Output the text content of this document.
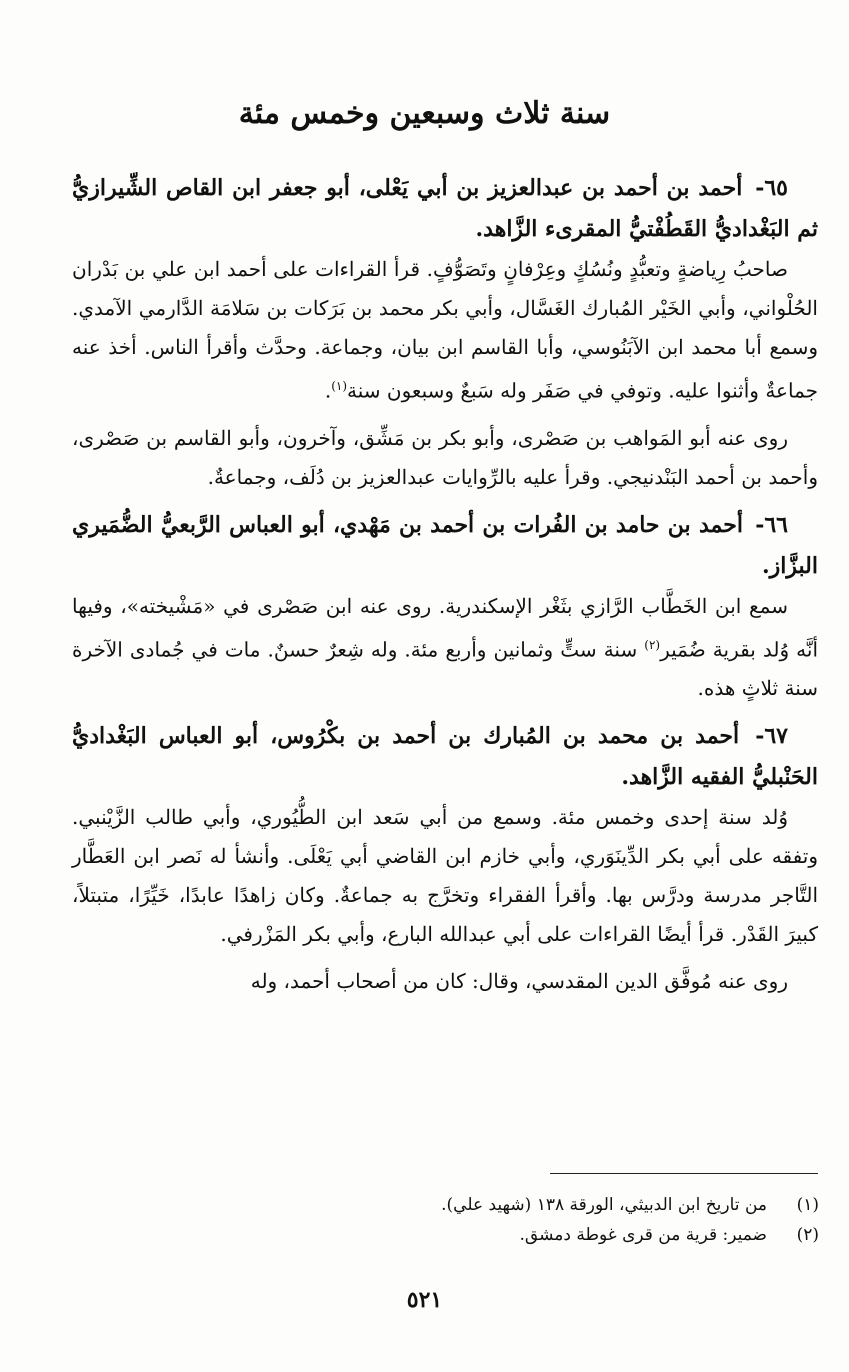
سنة ثلاث وسبعين وخمس مئة

٦٥- أحمد بن أحمد بن عبدالعزيز بن أبي يَعْلى، أبو جعفر ابن القاص الشِّيرازيُّ ثم البَغْداديُّ القَطُفْتيُّ المقرىء الزَّاهد.

صاحبُ رِياضةٍ وتعبُّدٍ ونُسُكٍ وعِرْفانٍ وتَصَوُّفٍ. قرأ القراءات على أحمد ابن علي بن بَدْران الحُلْواني، وأبي الخَيْر المُبارك الغَسَّال، وأبي بكر محمد بن بَرَكات بن سَلامَة الدَّارمي الآمدي. وسمع أبا محمد ابن الآبَنُوسي، وأبا القاسم ابن بيان، وجماعة. وحدَّث وأقرأ الناس. أخذ عنه جماعةٌ وأثنوا عليه. وتوفي في صَفَر وله سَبعٌ وسبعون سنة$^{(١)}$.

روى عنه أبو المَواهب بن صَصْرى، وأبو بكر بن مَشِّق، وآخرون، وأبو القاسم بن صَصْرى، وأحمد بن أحمد البَنْدنيجي. وقرأ عليه بالرِّوايات عبدالعزيز بن دُلَف، وجماعةٌ.

٦٦- أحمد بن حامد بن الفُرات بن أحمد بن مَهْدي، أبو العباس الرَّبعيُّ الضُّمَيري البزَّاز.

سمع ابن الخَطَّاب الرَّازي بثَغْر الإسكندرية. روى عنه ابن صَصْرى في «مَشْيخته»، وفيها أنَّه وُلد بقرية ضُمَير$^{(٢)}$ سنة ستٍّ وثمانين وأربع مئة. وله شِعرٌ حسنٌ. مات في جُمادى الآخرة سنة ثلاثٍ هذه.

٦٧- أحمد بن محمد بن المُبارك بن أحمد بن بكْرُوس، أبو العباس البَغْداديُّ الحَنْبليُّ الفقيه الزَّاهد.

وُلد سنة إحدى وخمس مئة. وسمع من أبي سَعد ابن الطُّيُوري، وأبي طالب الزَّيْنبي. وتفقه على أبي بكر الدِّينَوَري، وأبي خازم ابن القاضي أبي يَعْلَى. وأنشأ له نَصر ابن العَطَّار التَّاجر مدرسة ودرَّس بها. وأقرأ الفقراء وتخرَّج به جماعةٌ. وكان زاهدًا عابدًا، خَيِّرًا، متبتلاً، كبيرَ القَدْر. قرأ أيضًا القراءات على أبي عبدالله البارع، وأبي بكر المَزْرفي.

روى عنه مُوفَّق الدين المقدسي، وقال: كان من أصحاب أحمد، وله

(١)
من تاريخ ابن الدبيثي، الورقة ١٣٨ (شهيد علي).
(٢)
ضمير: قرية من قرى غوطة دمشق.
٥٢١
